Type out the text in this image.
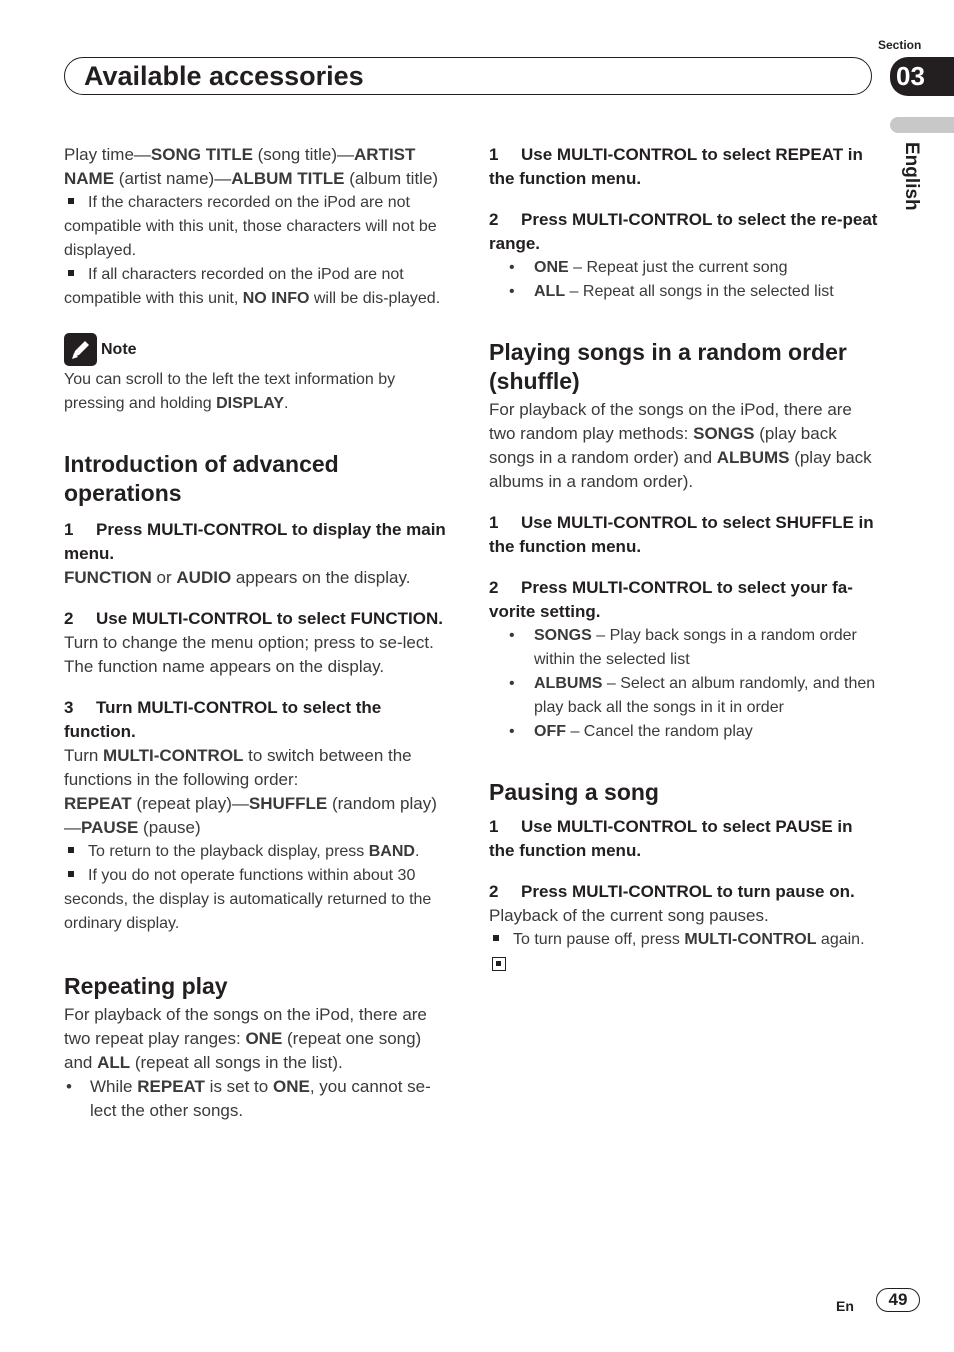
Available accessories
Section
03
English

Play time—SONG TITLE (song title)—ARTIST NAME (artist name)—ALBUM TITLE (album title)

If the characters recorded on the iPod are not compatible with this unit, those characters will not be displayed.

If all characters recorded on the iPod are not compatible with this unit, NO INFO will be dis-played.

Note

You can scroll to the left the text information by pressing and holding DISPLAY.

Introduction of advanced operations

1 Press MULTI-CONTROL to display the main menu.

FUNCTION or AUDIO appears on the display.

2 Use MULTI-CONTROL to select FUNCTION.

Turn to change the menu option; press to se-lect.

The function name appears on the display.

3 Turn MULTI-CONTROL to select the function.

Turn MULTI-CONTROL to switch between the functions in the following order:

REPEAT (repeat play)—SHUFFLE (random play)—PAUSE (pause)

To return to the playback display, press BAND.

If you do not operate functions within about 30 seconds, the display is automatically returned to the ordinary display.

Repeating play

For playback of the songs on the iPod, there are two repeat play ranges: ONE (repeat one song) and ALL (repeat all songs in the list).

• While REPEAT is set to ONE, you cannot se-lect the other songs.

1 Use MULTI-CONTROL to select REPEAT in the function menu.

2 Press MULTI-CONTROL to select the re-peat range.

• ONE – Repeat just the current song

• ALL – Repeat all songs in the selected list

Playing songs in a random order (shuffle)

For playback of the songs on the iPod, there are two random play methods: SONGS (play back songs in a random order) and ALBUMS (play back albums in a random order).

1 Use MULTI-CONTROL to select SHUFFLE in the function menu.

2 Press MULTI-CONTROL to select your fa-vorite setting.

• SONGS – Play back songs in a random order within the selected list

• ALBUMS – Select an album randomly, and then play back all the songs in it in order

• OFF – Cancel the random play

Pausing a song

1 Use MULTI-CONTROL to select PAUSE in the function menu.

2 Press MULTI-CONTROL to turn pause on.

Playback of the current song pauses.

To turn pause off, press MULTI-CONTROL again.

En	49
